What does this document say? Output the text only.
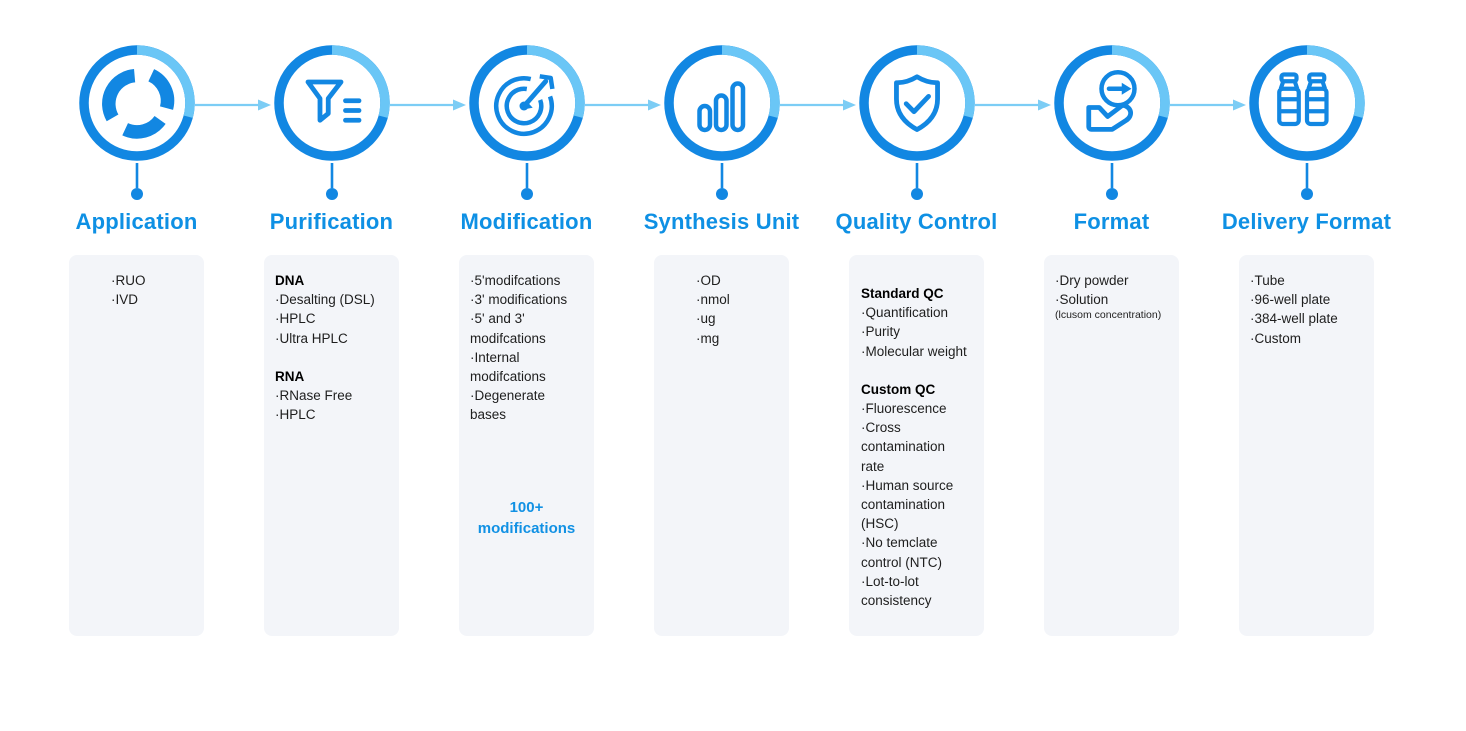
Application
·RUO
·IVD
Purification
DNA
·Desalting (DSL)
·HPLC
·Ultra HPLC
RNA
·RNase Free
·HPLC
Modification
·5'modifcations
·3' modifications
·5' and 3' modifcations
·Internal modifcations
·Degenerate bases
100+
modifications
Synthesis Unit
·OD
·nmol
·ug
·mg
Quality Control
Standard QC
·Quantification
·Purity
·Molecular weight
Custom QC
·Fluorescence
·Cross contamination rate
·Human source contamination (HSC)
·No temclate control (NTC)
·Lot-to-lot consistency
Format
·Dry powder
·Solution
(lcusom concentration)
Delivery Format
·Tube
·96-well plate
·384-well plate
·Custom
